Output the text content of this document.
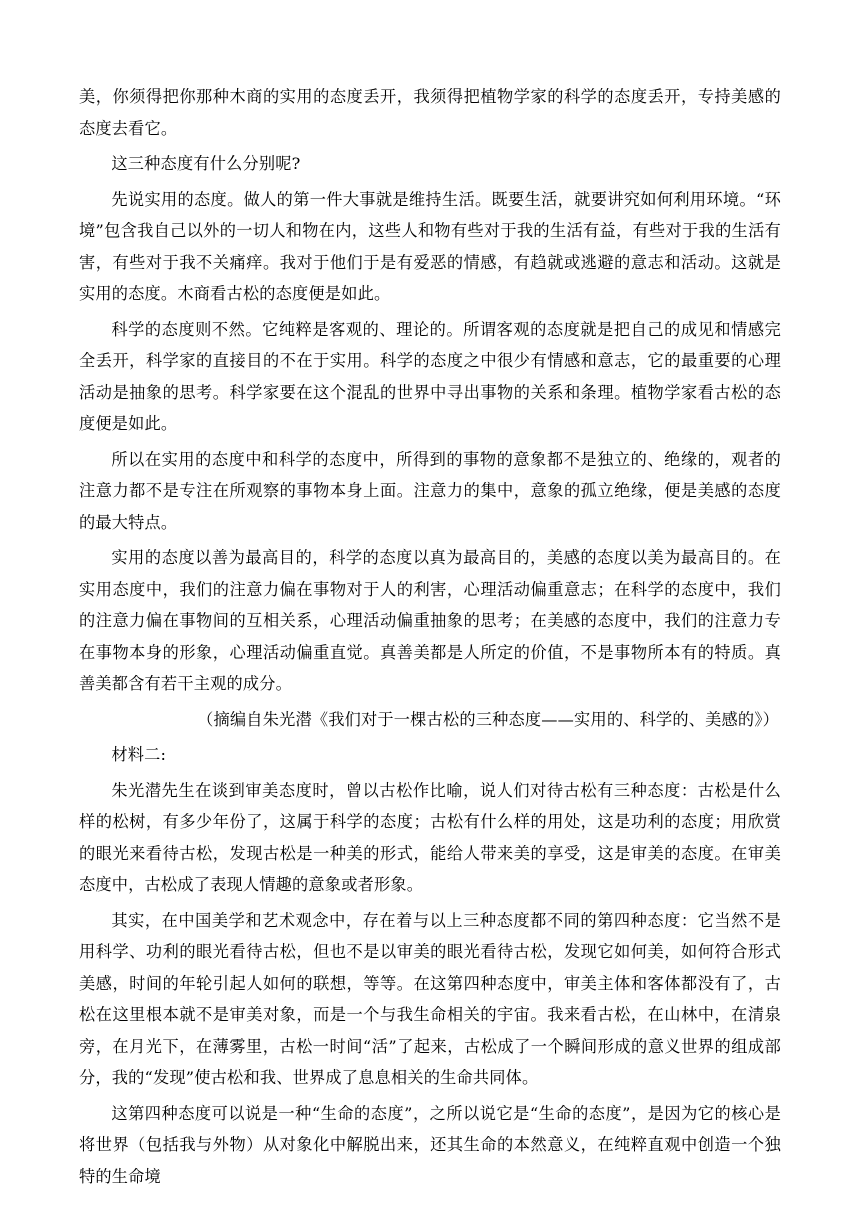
美，你须得把你那种木商的实用的态度丢开，我须得把植物学家的科学的态度丢开，专持美感的态度去看它。

这三种态度有什么分别呢?

先说实用的态度。做人的第一件大事就是维持生活。既要生活，就要讲究如何利用环境。“环境”包含我自己以外的一切人和物在内，这些人和物有些对于我的生活有益，有些对于我的生活有害，有些对于我不关痛痒。我对于他们于是有爱恶的情感，有趋就或逃避的意志和活动。这就是实用的态度。木商看古松的态度便是如此。

科学的态度则不然。它纯粹是客观的、理论的。所谓客观的态度就是把自己的成见和情感完全丢开，科学家的直接目的不在于实用。科学的态度之中很少有情感和意志，它的最重要的心理活动是抽象的思考。科学家要在这个混乱的世界中寻出事物的关系和条理。植物学家看古松的态度便是如此。

所以在实用的态度中和科学的态度中，所得到的事物的意象都不是独立的、绝缘的，观者的注意力都不是专注在所观察的事物本身上面。注意力的集中，意象的孤立绝缘，便是美感的态度的最大特点。

实用的态度以善为最高目的，科学的态度以真为最高目的，美感的态度以美为最高目的。在实用态度中，我们的注意力偏在事物对于人的利害，心理活动偏重意志；在科学的态度中，我们的注意力偏在事物间的互相关系，心理活动偏重抽象的思考；在美感的态度中，我们的注意力专在事物本身的形象，心理活动偏重直觉。真善美都是人所定的价值，不是事物所本有的特质。真善美都含有若干主观的成分。

（摘编自朱光潜《我们对于一棵古松的三种态度——实用的、科学的、美感的》）

材料二:

朱光潜先生在谈到审美态度时，曾以古松作比喻，说人们对待古松有三种态度：古松是什么样的松树，有多少年份了，这属于科学的态度；古松有什么样的用处，这是功利的态度；用欣赏的眼光来看待古松，发现古松是一种美的形式，能给人带来美的享受，这是审美的态度。在审美态度中，古松成了表现人情趣的意象或者形象。

其实，在中国美学和艺术观念中，存在着与以上三种态度都不同的第四种态度：它当然不是用科学、功利的眼光看待古松，但也不是以审美的眼光看待古松，发现它如何美，如何符合形式美感，时间的年轮引起人如何的联想，等等。在这第四种态度中，审美主体和客体都没有了，古松在这里根本就不是审美对象，而是一个与我生命相关的宇宙。我来看古松，在山林中，在清泉旁，在月光下，在薄雾里，古松一时间“活”了起来，古松成了一个瞬间形成的意义世界的组成部分，我的“发现”使古松和我、世界成了息息相关的生命共同体。

这第四种态度可以说是一种“生命的态度”，之所以说它是“生命的态度”，是因为它的核心是将世界（包括我与外物）从对象化中解脱出来，还其生命的本然意义，在纯粹直观中创造一个独特的生命境
